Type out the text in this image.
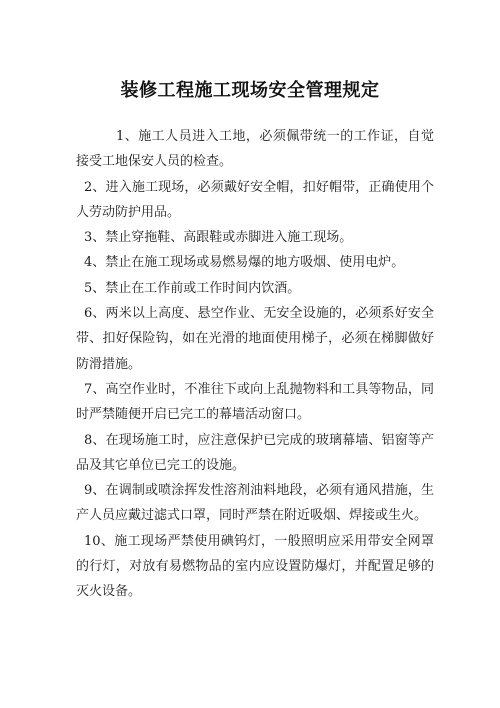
装修工程施工现场安全管理规定

1、施工人员进入工地，必须佩带统一的工作证，自觉接受工地保安人员的检查。

2、进入施工现场，必须戴好安全帽，扣好帽带，正确使用个人劳动防护用品。

3、禁止穿拖鞋、高跟鞋或赤脚进入施工现场。

4、禁止在施工现场或易燃易爆的地方吸烟、使用电炉。

5、禁止在工作前或工作时间内饮酒。

6、两米以上高度、悬空作业、无安全设施的，必须系好安全带、扣好保险钩，如在光滑的地面使用梯子，必须在梯脚做好防滑措施。

7、高空作业时，不准往下或向上乱抛物料和工具等物品，同时严禁随便开启已完工的幕墙活动窗口。

8、在现场施工时，应注意保护已完成的玻璃幕墙、铝窗等产品及其它单位已完工的设施。

9、在调制或喷涂挥发性溶剂油料地段，必须有通风措施，生产人员应戴过滤式口罩，同时严禁在附近吸烟、焊接或生火。

10、施工现场严禁使用碘钨灯，一般照明应采用带安全网罩的行灯，对放有易燃物品的室内应设置防爆灯，并配置足够的灭火设备。
